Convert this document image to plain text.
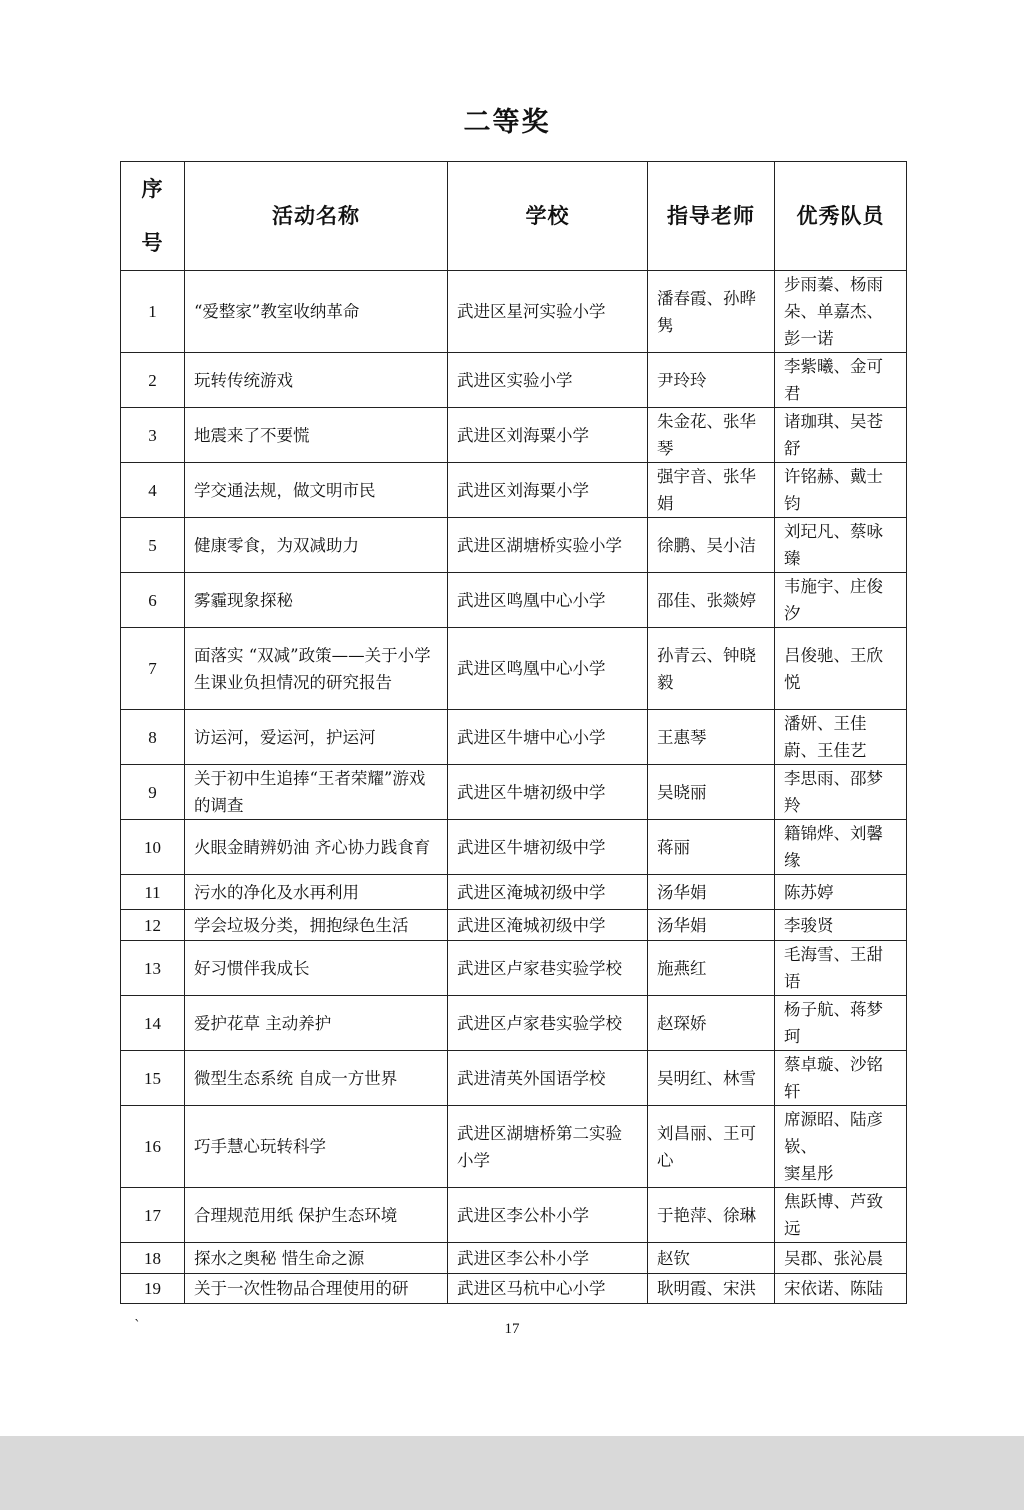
二等奖
序
号	活动名称	学校	指导老师	优秀队员
1	“爱整家”教室收纳革命	武进区星河实验小学	潘春霞、孙晔隽	步雨蓁、杨雨朵、单嘉杰、彭一诺
2	玩转传统游戏	武进区实验小学	尹玲玲	李紫曦、金可君
3	地震来了不要慌	武进区刘海粟小学	朱金花、张华琴	诸珈琪、吴苍舒
4	学交通法规，做文明市民	武进区刘海粟小学	强宇音、张华娟	许铭赫、戴士钧
5	健康零食，为双减助力	武进区湖塘桥实验小学	徐鹏、吴小洁	刘玘凡、蔡咏臻
6	雾霾现象探秘	武进区鸣凰中心小学	邵佳、张燚婷	韦施宇、庄俊汐
7	面落实 “双减”政策——关于小学生课业负担情况的研究报告	武进区鸣凰中心小学	孙青云、钟晓毅	吕俊驰、王欣悦
8	访运河，爱运河，护运河	武进区牛塘中心小学	王惠琴	潘妍、王佳蔚、王佳艺
9	关于初中生追捧“王者荣耀”游戏的调查	武进区牛塘初级中学	吴晓丽	李思雨、邵梦羚
10	火眼金睛辨奶油 齐心协力践食育	武进区牛塘初级中学	蒋丽	籍锦烨、刘馨缘
11	污水的净化及水再利用	武进区淹城初级中学	汤华娟	陈苏婷
12	学会垃圾分类，拥抱绿色生活	武进区淹城初级中学	汤华娟	李骏贤
13	好习惯伴我成长	武进区卢家巷实验学校	施燕红	毛海雪、王甜语
14	爱护花草 主动养护	武进区卢家巷实验学校	赵琛娇	杨子航、蒋梦珂
15	微型生态系统 自成一方世界	武进清英外国语学校	吴明红、林雪	蔡卓璇、沙铭轩
16	巧手慧心玩转科学	武进区湖塘桥第二实验小学	刘昌丽、王可心	席源昭、陆彦嵚、
窦星彤
17	合理规范用纸 保护生态环境	武进区李公朴小学	于艳萍、徐琳	焦跃博、芦致远
18	探水之奥秘 惜生命之源	武进区李公朴小学	赵钦	吴郡、张沁晨
19	关于一次性物品合理使用的研	武进区马杭中心小学	耿明霞、宋洪	宋依诺、陈陆
`	17
